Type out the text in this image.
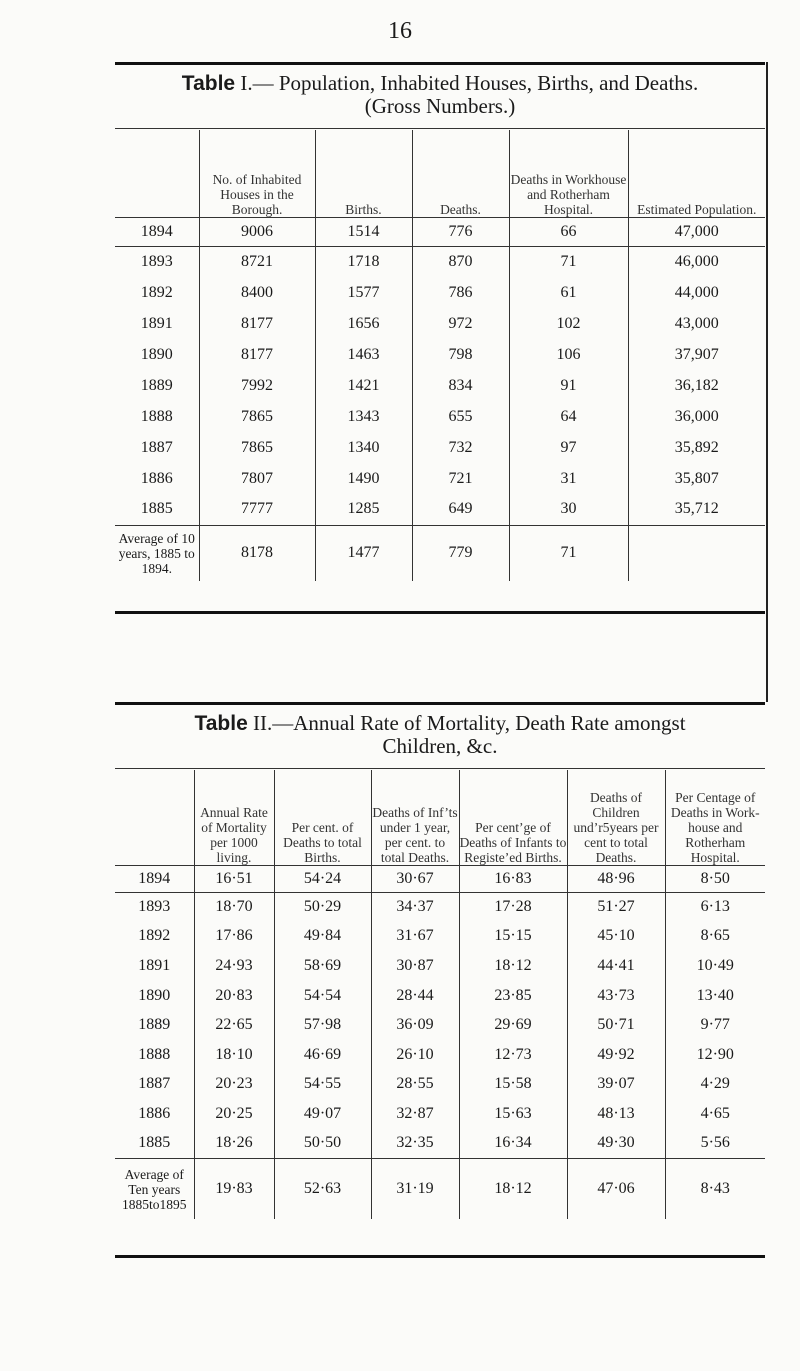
16
Table I.— Population, Inhabited Houses, Births, and Deaths.
(Gross Numbers.)
	No. of Inhabited Houses in the Borough.	Births.	Deaths.	Deaths in Workhouse and Rotherham Hospital.	Estimated Population.
1894	9006	1514	776	66	47,000
1893	8721	1718	870	71	46,000
1892	8400	1577	786	61	44,000
1891	8177	1656	972	102	43,000
1890	8177	1463	798	106	37,907
1889	7992	1421	834	91	36,182
1888	7865	1343	655	64	36,000
1887	7865	1340	732	97	35,892
1886	7807	1490	721	31	35,807
1885	7777	1285	649	30	35,712
Average of 10 years, 1885 to 1894.	8178	1477	779	71	
Table II.—Annual Rate of Mortality, Death Rate amongst
Children, &c.
	Annual Rate of Mortality per 1000 living.	Per cent. of Deaths to total Births.	Deaths of Inf’ts under 1 year, per cent. to total Deaths.	Per cent’ge of Deaths of Infants to Registe’ed Births.	Deaths of Children und’r5years per cent to total Deaths.	Per Centage of Deaths in Work-house and Rotherham Hospital.
1894	16·51	54·24	30·67	16·83	48·96	8·50
1893	18·70	50·29	34·37	17·28	51·27	6·13
1892	17·86	49·84	31·67	15·15	45·10	8·65
1891	24·93	58·69	30·87	18·12	44·41	10·49
1890	20·83	54·54	28·44	23·85	43·73	13·40
1889	22·65	57·98	36·09	29·69	50·71	9·77
1888	18·10	46·69	26·10	12·73	49·92	12·90
1887	20·23	54·55	28·55	15·58	39·07	4·29
1886	20·25	49·07	32·87	15·63	48·13	4·65
1885	18·26	50·50	32·35	16·34	49·30	5·56
Average of Ten years 1885to1895	19·83	52·63	31·19	18·12	47·06	8·43
